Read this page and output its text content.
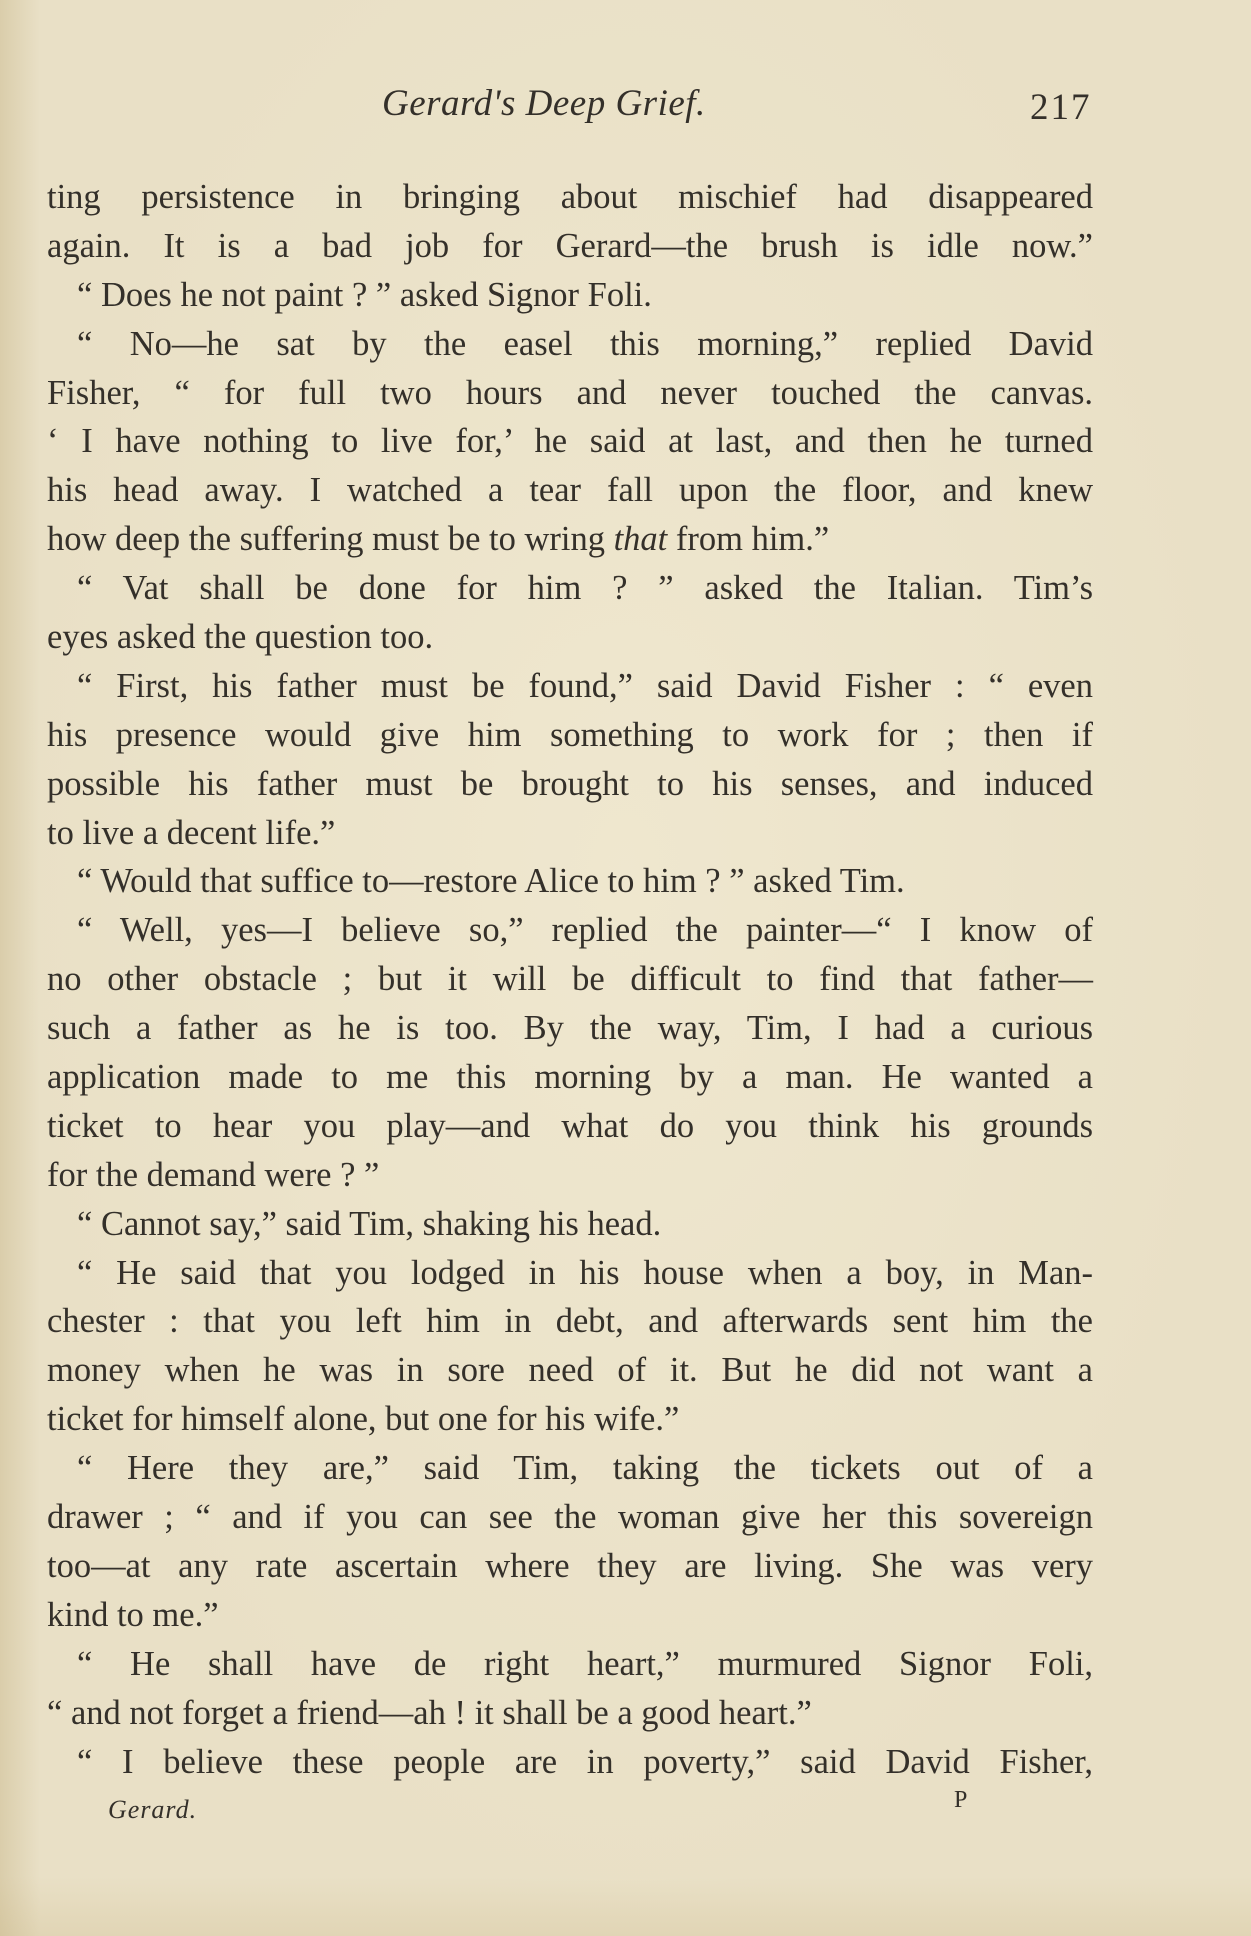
Gerard's Deep Grief.	217
ting persistence in bringing about mischief had disappeared
again. It is a bad job for Gerard—the brush is idle now.”
“ Does he not paint ? ” asked Signor Foli.
“ No—he sat by the easel this morning,” replied David
Fisher, “ for full two hours and never touched the canvas.
‘ I have nothing to live for,’ he said at last, and then he turned
his head away. I watched a tear fall upon the floor, and knew
how deep the suffering must be to wring that from him.”
“ Vat shall be done for him ? ” asked the Italian. Tim’s
eyes asked the question too.
“ First, his father must be found,” said David Fisher : “ even
his presence would give him something to work for ; then if
possible his father must be brought to his senses, and induced
to live a decent life.”
“ Would that suffice to—restore Alice to him ? ” asked Tim.
“ Well, yes—I believe so,” replied the painter—“ I know of
no other obstacle ; but it will be difficult to find that father—
such a father as he is too. By the way, Tim, I had a curious
application made to me this morning by a man. He wanted a
ticket to hear you play—and what do you think his grounds
for the demand were ? ”
“ Cannot say,” said Tim, shaking his head.
“ He said that you lodged in his house when a boy, in Man-
chester : that you left him in debt, and afterwards sent him the
money when he was in sore need of it. But he did not want a
ticket for himself alone, but one for his wife.”
“ Here they are,” said Tim, taking the tickets out of a
drawer ; “ and if you can see the woman give her this sovereign
too—at any rate ascertain where they are living. She was very
kind to me.”
“ He shall have de right heart,” murmured Signor Foli,
“ and not forget a friend—ah ! it shall be a good heart.”
“ I believe these people are in poverty,” said David Fisher,
Gerard.	P
